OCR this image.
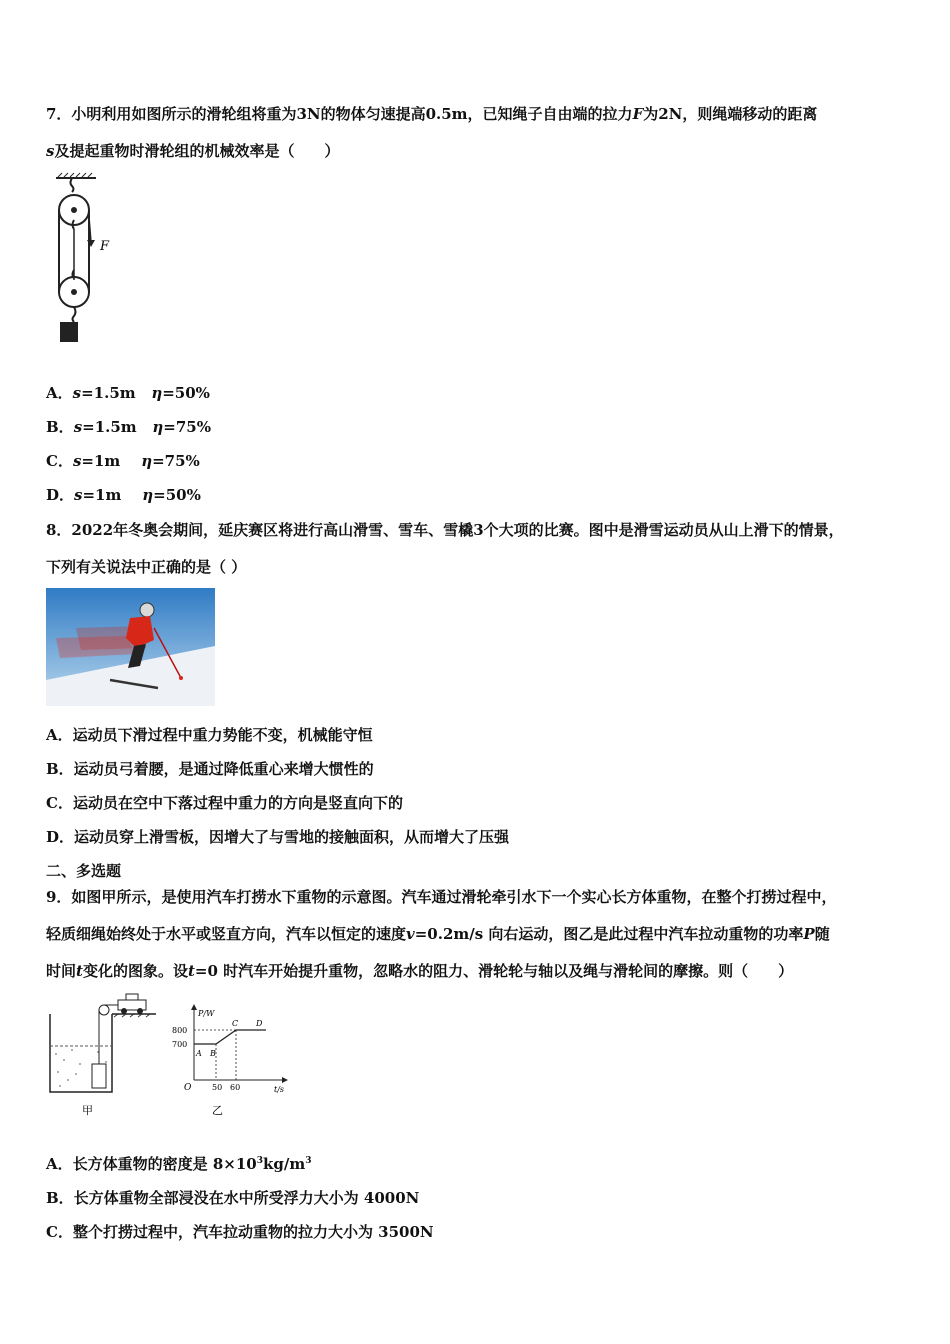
7．小明利用如图所示的滑轮组将重为3N的物体匀速提高0.5m，已知绳子自由端的拉力F为2N，则绳端移动的距离
s及提起重物时滑轮组的机械效率是（　　）
F
A．s=1.5m η=50%
B．s=1.5m η=75%
C．s=1m η=75%
D．s=1m η=50%
8．2022年冬奥会期间，延庆赛区将进行高山滑雪、雪车、雪橇3个大项的比赛。图中是滑雪运动员从山上滑下的情景，
下列有关说法中正确的是（ ）
A．运动员下滑过程中重力势能不变，机械能守恒
B．运动员弓着腰，是通过降低重心来增大惯性的
C．运动员在空中下落过程中重力的方向是竖直向下的
D．运动员穿上滑雪板，因增大了与雪地的接触面积，从而增大了压强
二、多选题
9．如图甲所示，是使用汽车打捞水下重物的示意图。汽车通过滑轮牵引水下一个实心长方体重物，在整个打捞过程中，
轻质细绳始终处于水平或竖直方向，汽车以恒定的速度v=0.2m/s 向右运动，图乙是此过程中汽车拉动重物的功率P随
时间t变化的图象。设t=0 时汽车开始提升重物，忽略水的阻力、滑轮轮与轴以及绳与滑轮间的摩擦。则（　　）
甲
P/W
t/s
O
800
700
50 60
A B
C D
乙
A．长方体重物的密度是 $8\times 10^3kg/m^3$
B．长方体重物全部浸没在水中所受浮力大小为 4000N
C．整个打捞过程中，汽车拉动重物的拉力大小为 3500N
